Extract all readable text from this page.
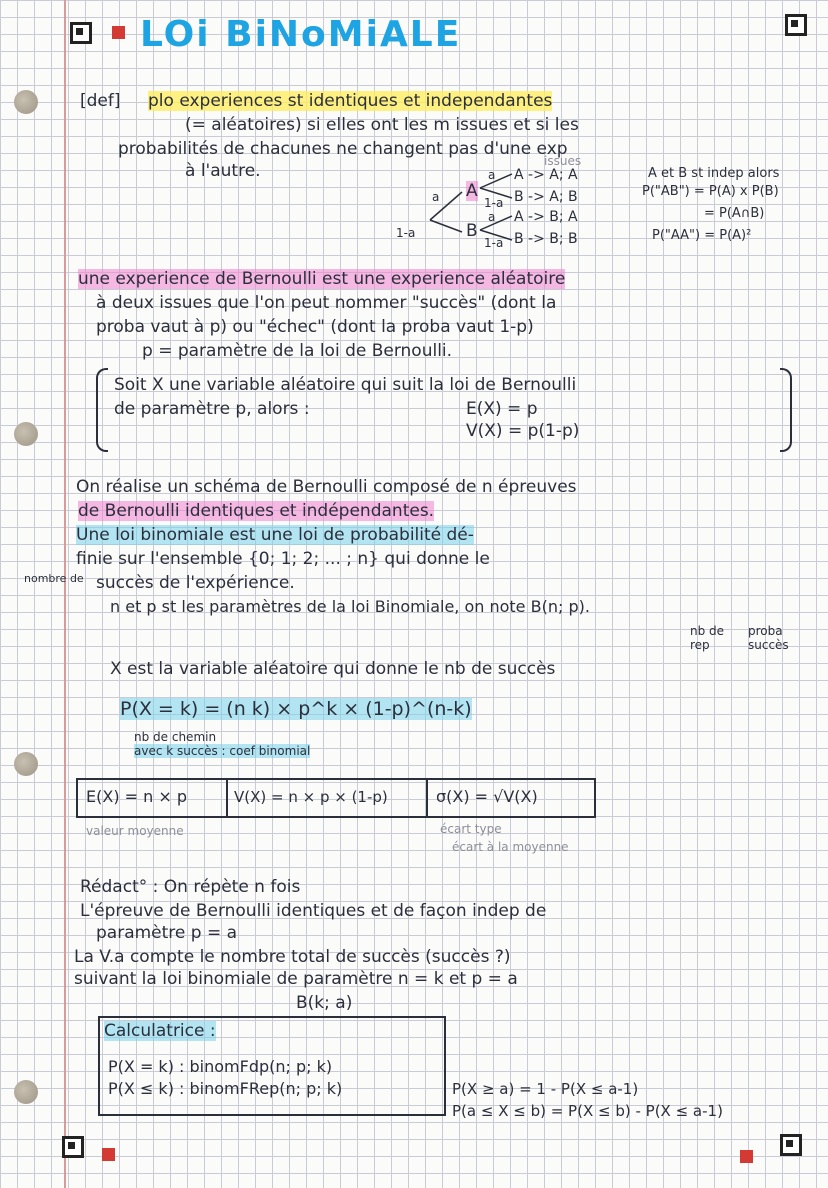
LOi BiNoMiALE
[def] plo experiences st identiques et independantes
(= aléatoires) si elles ont les m issues et si les
probabilités de chacunes ne changent pas d'une exp
à l'autre.
a
1-a
A
B
issues
a A -> A; A
1-a B -> A; B
a A -> B; A
1-a B -> B; B
A et B st indep alors
P("AB") = P(A) x P(B)
= P(A∩B)
P("AA") = P(A)²
une experience de Bernoulli est une experience aléatoire
à deux issues que l'on peut nommer "succès" (dont la
proba vaut à p) ou "échec" (dont la proba vaut 1-p)
p = paramètre de la loi de Bernoulli.
Soit X une variable aléatoire qui suit la loi de Bernoulli
de paramètre p, alors :	E(X) = p
V(X) = p(1-p)
On réalise un schéma de Bernoulli composé de n épreuves
de Bernoulli identiques et indépendantes.
Une loi binomiale est une loi de probabilité dé-
finie sur l'ensemble {0; 1; 2; ... ; n} qui donne le
succès de l'expérience.
n et p st les paramètres de la loi Binomiale, on note B(n; p).
nombre de
nb de rep
proba succès
X est la variable aléatoire qui donne le nb de succès
P(X = k) = (n k) × p^k × (1-p)^(n-k)
nb de chemin
avec k succès : coef binomial
E(X) = n × p	V(X) = n × p × (1-p)	σ(X) = √V(X)
valeur moyenne	écart type
écart à la moyenne
Rédact° : On répète n fois
L'épreuve de Bernoulli identiques et de façon indep de
paramètre p = a
La V.a compte le nombre total de succès (succès ?)
suivant la loi binomiale de paramètre n = k et p = a
B(k; a)
Calculatrice :
P(X = k) : binomFdp(n; p; k)
P(X ≤ k) : binomFRep(n; p; k)	P(X ≥ a) = 1 - P(X ≤ a-1)
P(a ≤ X ≤ b) = P(X ≤ b) - P(X ≤ a-1)
